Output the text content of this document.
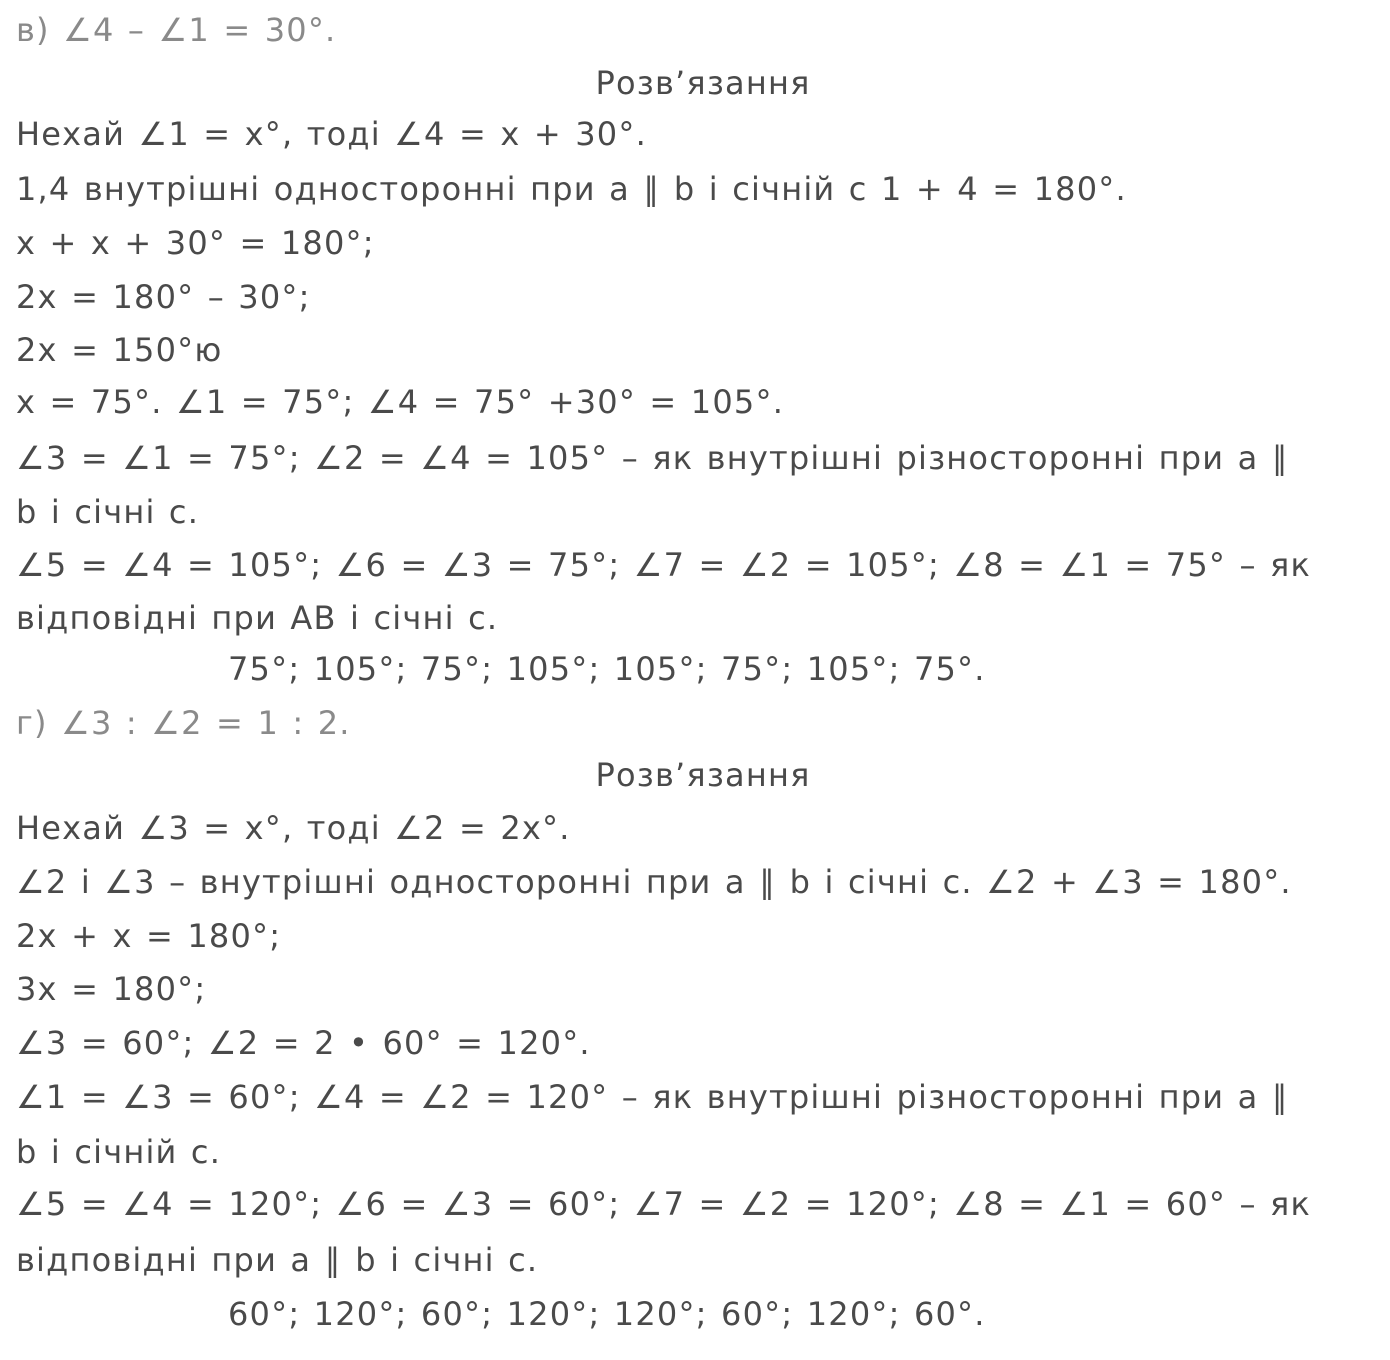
в) ∠4 – ∠1 = 30°.
Розв’язання
Нехай ∠1 = x°, тоді ∠4 = x + 30°.
1,4 внутрішні односторонні при a ∥ b і січній с 1 + 4 = 180°.
x + x + 30° = 180°;
2x = 180° – 30°;
2x = 150°ю
x = 75°. ∠1 = 75°; ∠4 = 75° +30° = 105°.
∠3 = ∠1 = 75°; ∠2 = ∠4 = 105° – як внутрішні різносторонні при a ∥
b і січні с.
∠5 = ∠4 = 105°; ∠6 = ∠3 = 75°; ∠7 = ∠2 = 105°; ∠8 = ∠1 = 75° – як
відповідні при AB і січні с.
75°; 105°; 75°; 105°; 105°; 75°; 105°; 75°.
г) ∠3 : ∠2 = 1 : 2.
Розв’язання
Нехай ∠3 = x°, тоді ∠2 = 2x°.
∠2 і ∠3 – внутрішні односторонні при a ∥ b і січні с. ∠2 + ∠3 = 180°.
2x + x = 180°;
3x = 180°;
∠3 = 60°; ∠2 = 2 • 60° = 120°.
∠1 = ∠3 = 60°; ∠4 = ∠2 = 120° – як внутрішні різносторонні при a ∥
b і січній с.
∠5 = ∠4 = 120°; ∠6 = ∠3 = 60°; ∠7 = ∠2 = 120°; ∠8 = ∠1 = 60° – як
відповідні при a ∥ b і січні с.
60°; 120°; 60°; 120°; 120°; 60°; 120°; 60°.
